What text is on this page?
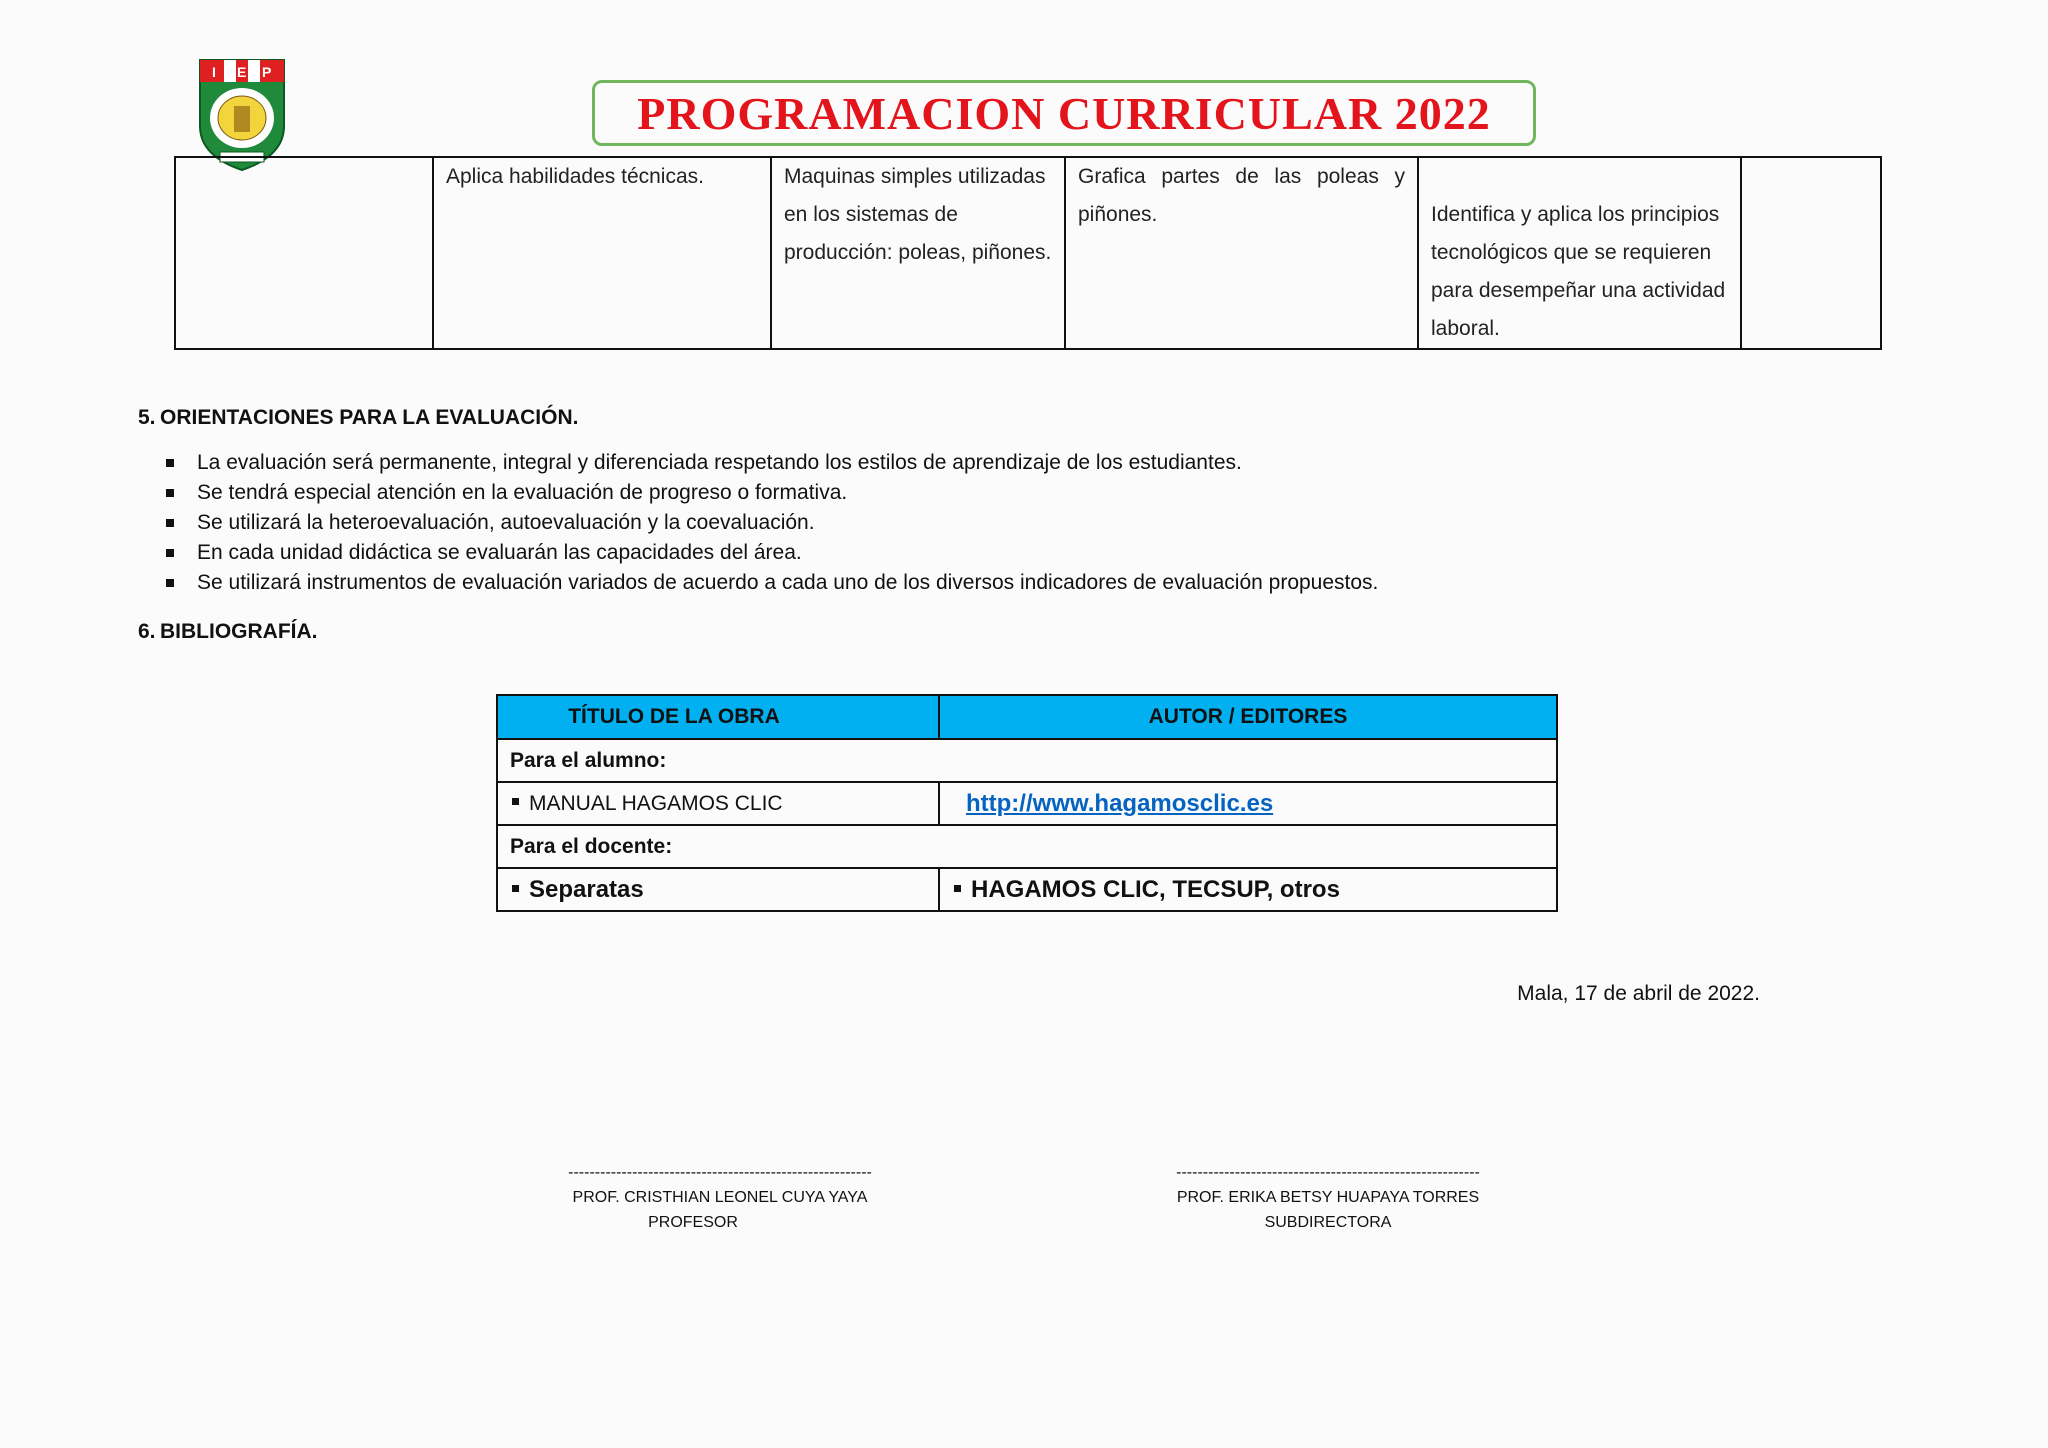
I E P
PROGRAMACION CURRICULAR 2022
	Aplica habilidades técnicas.	Maquinas simples utilizadas en los sistemas de producción: poleas, piñones.	Grafica partes de las poleas y piñones.	Identifica y aplica los principios tecnológicos que se requieren para desempeñar una actividad laboral.	
5. ORIENTACIONES PARA LA EVALUACIÓN.
La evaluación será permanente, integral y diferenciada respetando los estilos de aprendizaje de los estudiantes.
Se tendrá especial atención en la evaluación de progreso o formativa.
Se utilizará la heteroevaluación, autoevaluación y la coevaluación.
En cada unidad didáctica se evaluarán las capacidades del área.
Se utilizará instrumentos de evaluación variados de acuerdo a cada uno de los diversos indicadores de evaluación propuestos.
6. BIBLIOGRAFÍA.
TÍTULO DE LA OBRA	AUTOR / EDITORES
Para el alumno:	
MANUAL HAGAMOS CLIC	http://www.hagamosclic.es
Para el docente:	
Separatas	HAGAMOS CLIC, TECSUP, otros
Mala, 17 de abril de 2022.
---------------------------------------------------------
PROF. CRISTHIAN LEONEL CUYA YAYA
PROFESOR
---------------------------------------------------------
PROF. ERIKA BETSY HUAPAYA TORRES
SUBDIRECTORA
